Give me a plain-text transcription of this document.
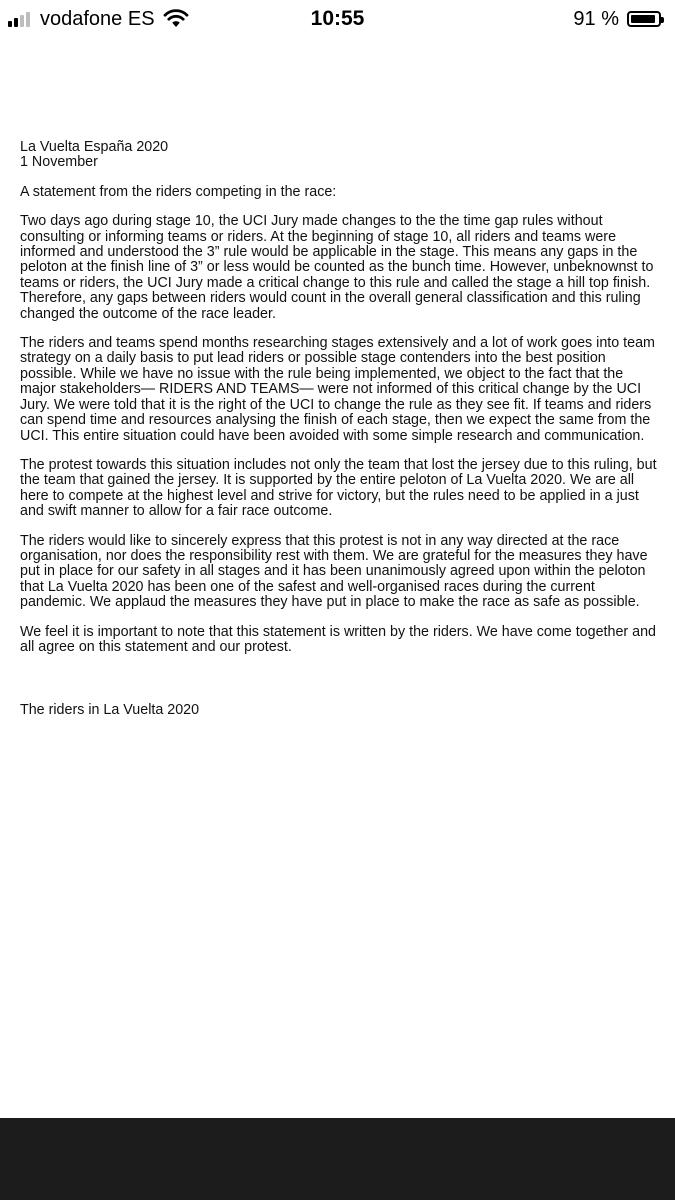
vodafone ES	10:55	91 %

La Vuelta España 2020

1 November

A statement from the riders competing in the race:

Two days ago during stage 10, the UCI Jury made changes to the the time gap rules without consulting or informing teams or riders. At the beginning of stage 10, all riders and teams were informed and understood the 3” rule would be applicable in the stage. This means any gaps in the peloton at the finish line of 3” or less would be counted as the bunch time. However, unbeknownst to teams or riders, the UCI Jury made a critical change to this rule and called the stage a hill top finish. Therefore, any gaps between riders would count in the overall general classification and this ruling changed the outcome of the race leader.

The riders and teams spend months researching stages extensively and a lot of work goes into team strategy on a daily basis to put lead riders or possible stage contenders into the best position possible. While we have no issue with the rule being implemented, we object to the fact that the major stakeholders— RIDERS AND TEAMS— were not informed of this critical change by the UCI Jury. We were told that it is the right of the UCI to change the rule as they see fit. If teams and riders can spend time and resources analysing the finish of each stage, then we expect the same from the UCI. This entire situation could have been avoided with some simple research and communication.

The protest towards this situation includes not only the team that lost the jersey due to this ruling, but the team that gained the jersey. It is supported by the entire peloton of La Vuelta 2020. We are all here to compete at the highest level and strive for victory, but the rules need to be applied in a just and swift manner to allow for a fair race outcome.

The riders would like to sincerely express that this protest is not in any way directed at the race organisation, nor does the responsibility rest with them. We are grateful for the measures they have put in place for our safety in all stages and it has been unanimously agreed upon within the peloton that La Vuelta 2020 has been one of the safest and well-organised races during the current pandemic. We applaud the measures they have put in place to make the race as safe as possible.

We feel it is important to note that this statement is written by the riders. We have come together and all agree on this statement and our protest.

The riders in La Vuelta 2020
